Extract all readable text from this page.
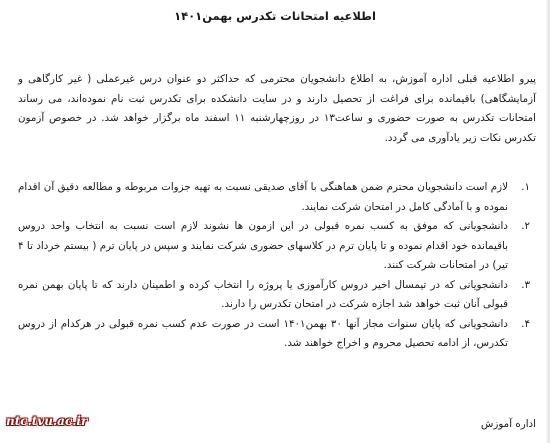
اطلاعیه امتحانات تکدرس بهمن۱۴۰۱
پیرو اطلاعیه قبلی اداره آموزش، به اطلاع دانشجویان محترمی که حداکثر دو عنوان درس غیرعملی ( غیر کارگاهی و آزمایشگاهی) باقیمانده برای فراغت از تحصیل دارند و در سایت دانشکده برای تکدرس ثبت نام نموده‌اند، می رساند امتحانات تکدرس به صورت حضوری و ساعت۱۳ در روزچهارشنبه ۱۱ اسفند ماه برگزار خواهد شد. در خصوص آزمون تکدرس نکات زیر یادآوری می گردد.
۱.
لازم است دانشجویان محترم ضمن هماهنگی با آقای صدیقی نسبت به تهیه جزوات مربوطه و مطالعه دقیق آن اقدام نموده و با آمادگی کامل در امتحان شرکت نمایند.
۲.
دانشجویانی که موفق به کسب نمره قبولی در این ازمون ها نشوند لازم است نسبت به انتخاب واحد دروس باقیمانده خود اقدام نموده و تا پایان ترم در کلاسهای حضوری شرکت نمایند و سپس در پایان ترم ( بیستم خرداد تا ۴ تیر) در امتحانات شرکت کنند.
۳.
دانشجویانی که در تیمسال اخیر دروس کارآموزی یا پروژه را انتخاب کرده و اطمینان دارند که تا پایان بهمن نمره قبولی آنان ثبت خواهد شد اجازه شرکت در امتحان تکدرس را دارند.
۴.
دانشجویانی که پایان سنوات مجاز آنها ۳۰ بهمن۱۴۰۱ است در صورت عدم کسب نمره قبولی در هرکدام از دروس تکدرس، از ادامه تحصیل محروم و اخراج خواهند شد.
اداره آموزش
ntc.tvu.ac.ir
